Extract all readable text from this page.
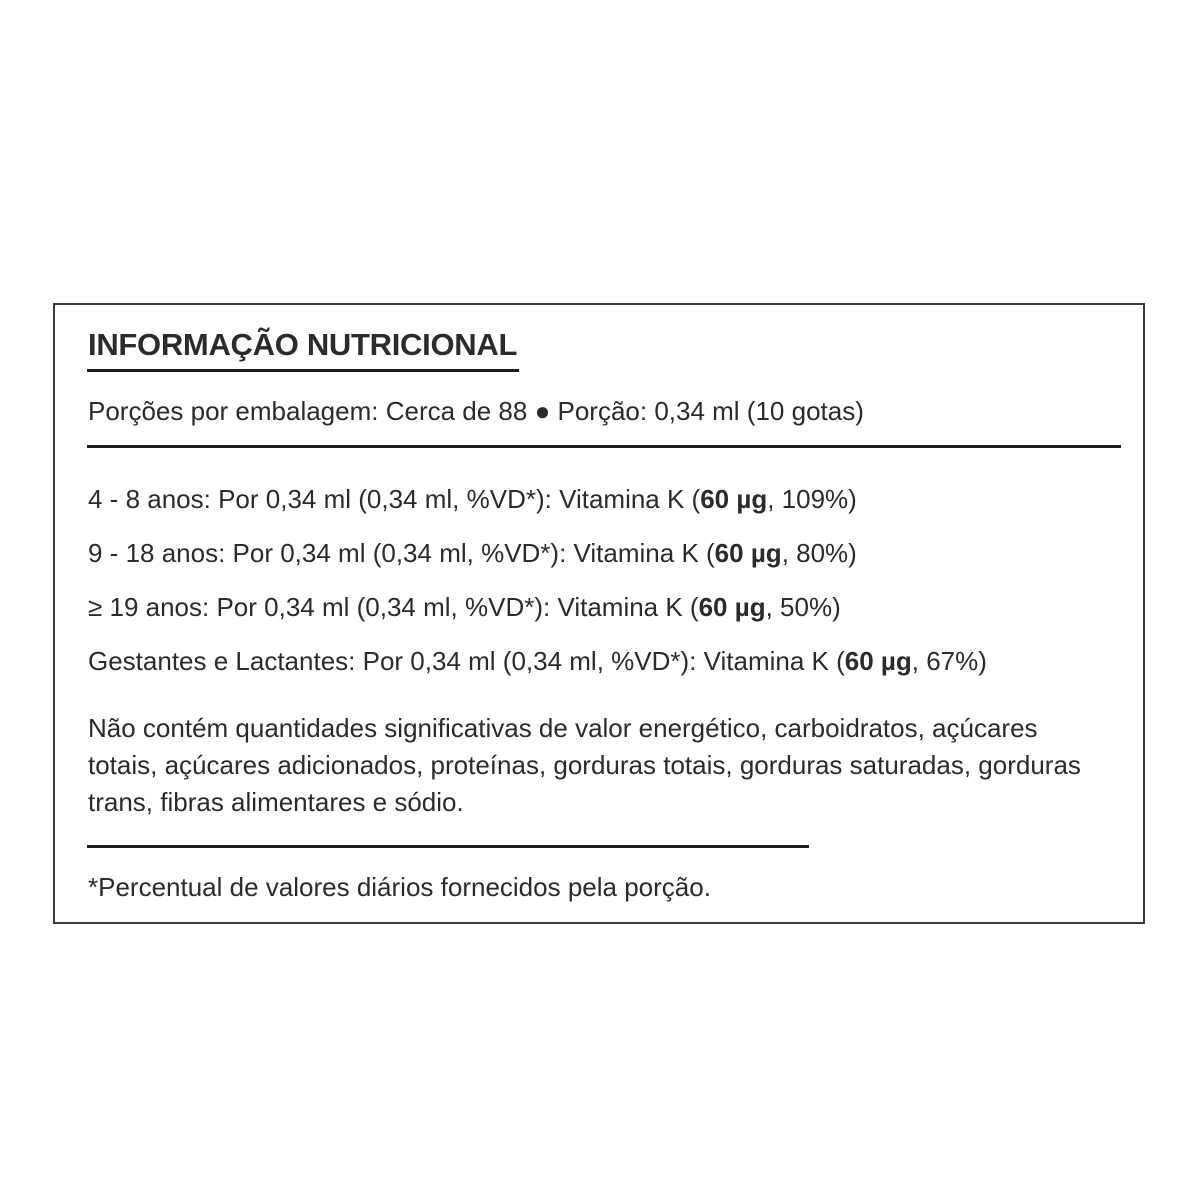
INFORMAÇÃO NUTRICIONAL
Porções por embalagem: Cerca de 88 ● Porção: 0,34 ml (10 gotas)
4 - 8 anos: Por 0,34 ml (0,34 ml, %VD*): Vitamina K (60 µg, 109%)
9 - 18 anos: Por 0,34 ml (0,34 ml, %VD*): Vitamina K (60 µg, 80%)
≥ 19 anos: Por 0,34 ml (0,34 ml, %VD*): Vitamina K (60 µg, 50%)
Gestantes e Lactantes: Por 0,34 ml (0,34 ml, %VD*): Vitamina K (60 µg, 67%)

Não contém quantidades significativas de valor energético, carboidratos, açúcares totais, açúcares adicionados, proteínas, gorduras totais, gorduras saturadas, gorduras trans, fibras alimentares e sódio.

*Percentual de valores diários fornecidos pela porção.
